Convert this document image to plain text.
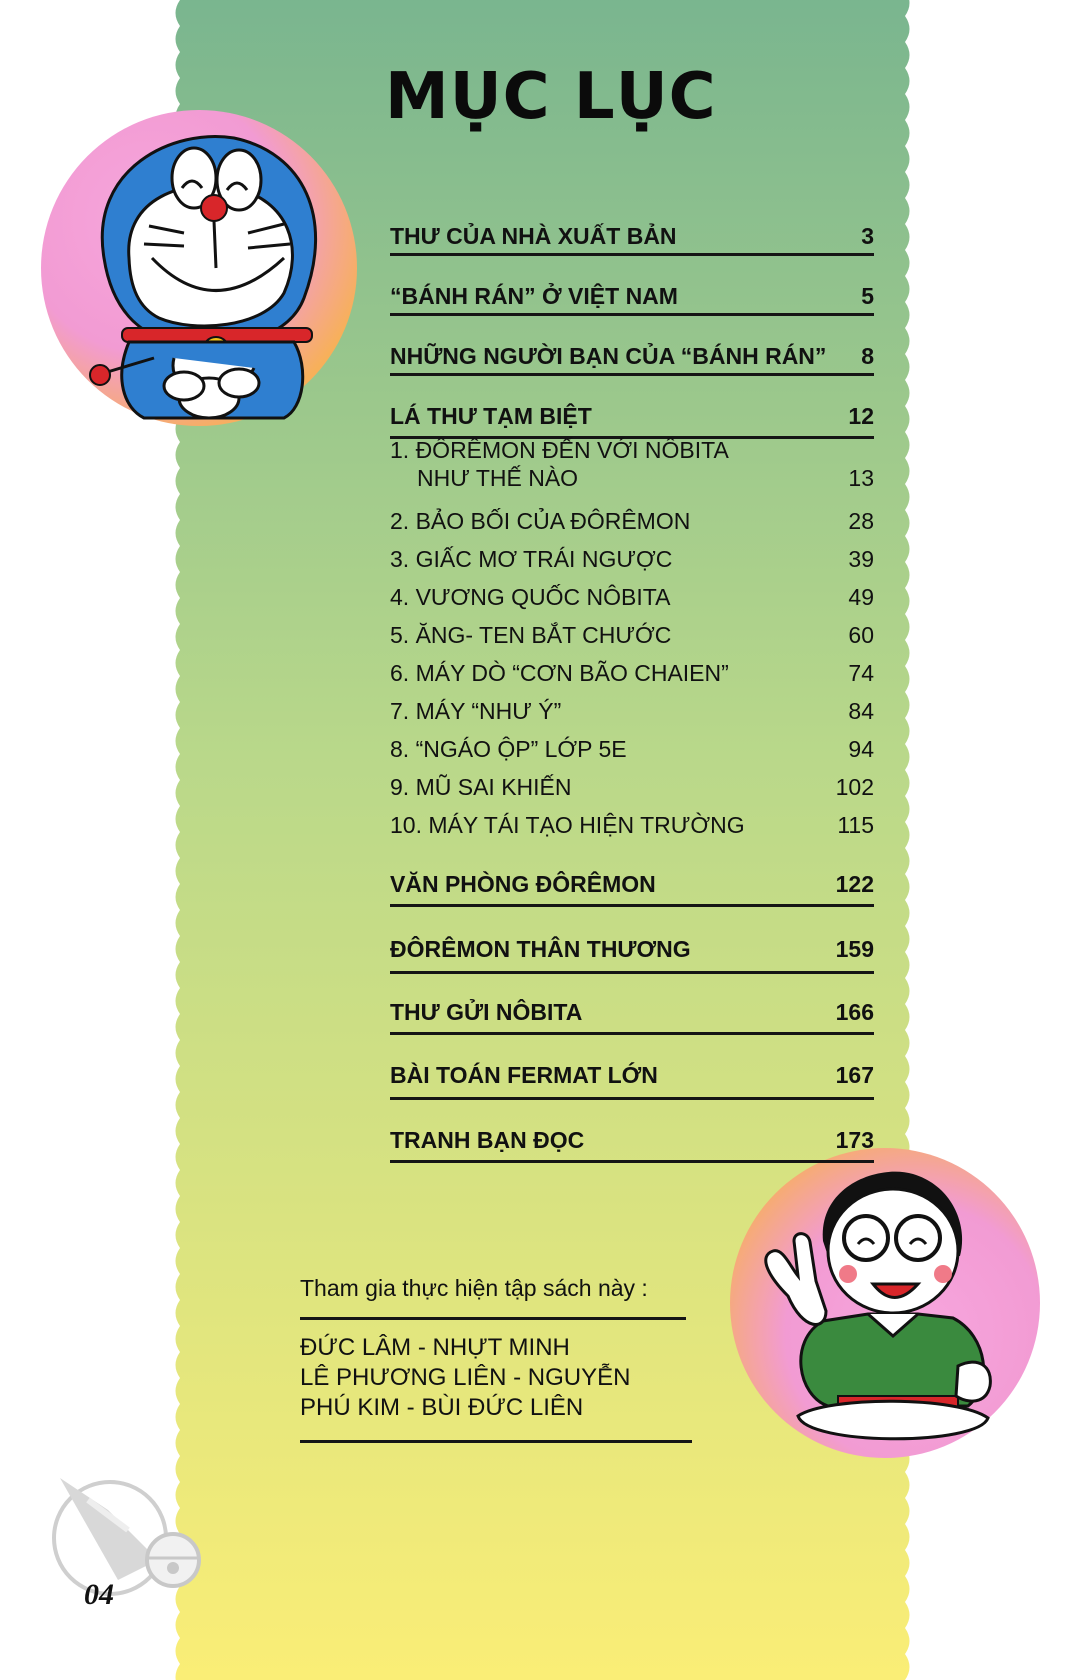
MỤC LỤC
THƯ CỦA NHÀ XUẤT BẢN	3
“BÁNH RÁN” Ở VIỆT NAM	5
NHỮNG NGƯỜI BẠN CỦA “BÁNH RÁN” 8
LÁ THƯ TẠM BIỆT	12
1. ĐÔRÊMON ĐẾN VỚI NÔBITA
NHƯ THẾ NÀO	13
2. BẢO BỐI CỦA ĐÔRÊMON	28
3. GIẤC MƠ TRÁI NGƯỢC	39
4. VƯƠNG QUỐC NÔBITA	49
5. ĂNG- TEN BẮT CHƯỚC	60
6. MÁY DÒ “CƠN BÃO CHAIEN”	74
7. MÁY “NHƯ Ý”	84
8. “NGÁO ỘP” LỚP 5E	94
9. MŨ SAI KHIẾN	102
10. MÁY TÁI TẠO HIỆN TRƯỜNG	115
VĂN PHÒNG ĐÔRÊMON	122
ĐÔRÊMON THÂN THƯƠNG	159
THƯ GỬI NÔBITA	166
BÀI TOÁN FERMAT LỚN	167
TRANH BẠN ĐỌC	173
Tham gia thực hiện tập sách này :
ĐỨC LÂM - NHỰT MINH
LÊ PHƯƠNG LIÊN - NGUYỄN
PHÚ KIM - BÙI ĐỨC LIÊN
04
